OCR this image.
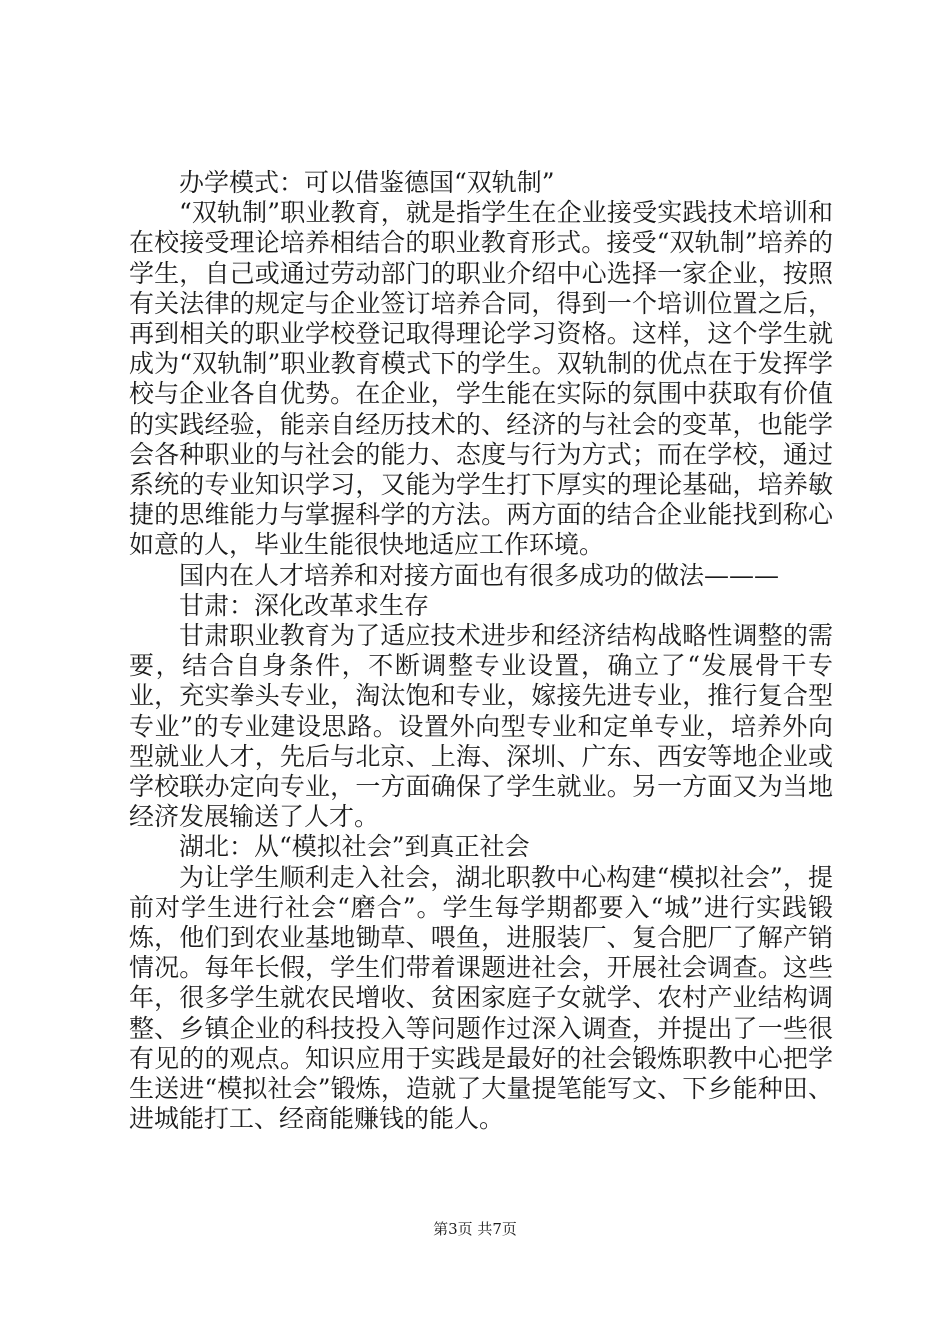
办学模式：可以借鉴德国“双轨制”

“双轨制”职业教育，就是指学生在企业接受实践技术培训和在校接受理论培养相结合的职业教育形式。接受“双轨制”培养的学生，自己或通过劳动部门的职业介绍中心选择一家企业，按照有关法律的规定与企业签订培养合同，得到一个培训位置之后，再到相关的职业学校登记取得理论学习资格。这样，这个学生就成为“双轨制”职业教育模式下的学生。双轨制的优点在于发挥学校与企业各自优势。在企业，学生能在实际的氛围中获取有价值的实践经验，能亲自经历技术的、经济的与社会的变革，也能学会各种职业的与社会的能力、态度与行为方式；而在学校，通过系统的专业知识学习，又能为学生打下厚实的理论基础，培养敏捷的思维能力与掌握科学的方法。两方面的结合企业能找到称心如意的人，毕业生能很快地适应工作环境。

国内在人才培养和对接方面也有很多成功的做法———

甘肃：深化改革求生存

甘肃职业教育为了适应技术进步和经济结构战略性调整的需要，结合自身条件，不断调整专业设置，确立了“发展骨干专业，充实拳头专业，淘汰饱和专业，嫁接先进专业，推行复合型专业”的专业建设思路。设置外向型专业和定单专业，培养外向型就业人才，先后与北京、上海、深圳、广东、西安等地企业或学校联办定向专业，一方面确保了学生就业。另一方面又为当地经济发展输送了人才。

湖北：从“模拟社会”到真正社会

为让学生顺利走入社会，湖北职教中心构建“模拟社会”，提前对学生进行社会“磨合”。学生每学期都要入“城”进行实践锻炼，他们到农业基地锄草、喂鱼，进服装厂、复合肥厂了解产销情况。每年长假，学生们带着课题进社会，开展社会调查。这些年，很多学生就农民增收、贫困家庭子女就学、农村产业结构调整、乡镇企业的科技投入等问题作过深入调查，并提出了一些很有见的的观点。知识应用于实践是最好的社会锻炼职教中心把学生送进“模拟社会”锻炼，造就了大量提笔能写文、下乡能种田、进城能打工、经商能赚钱的能人。

第3页 共7页
